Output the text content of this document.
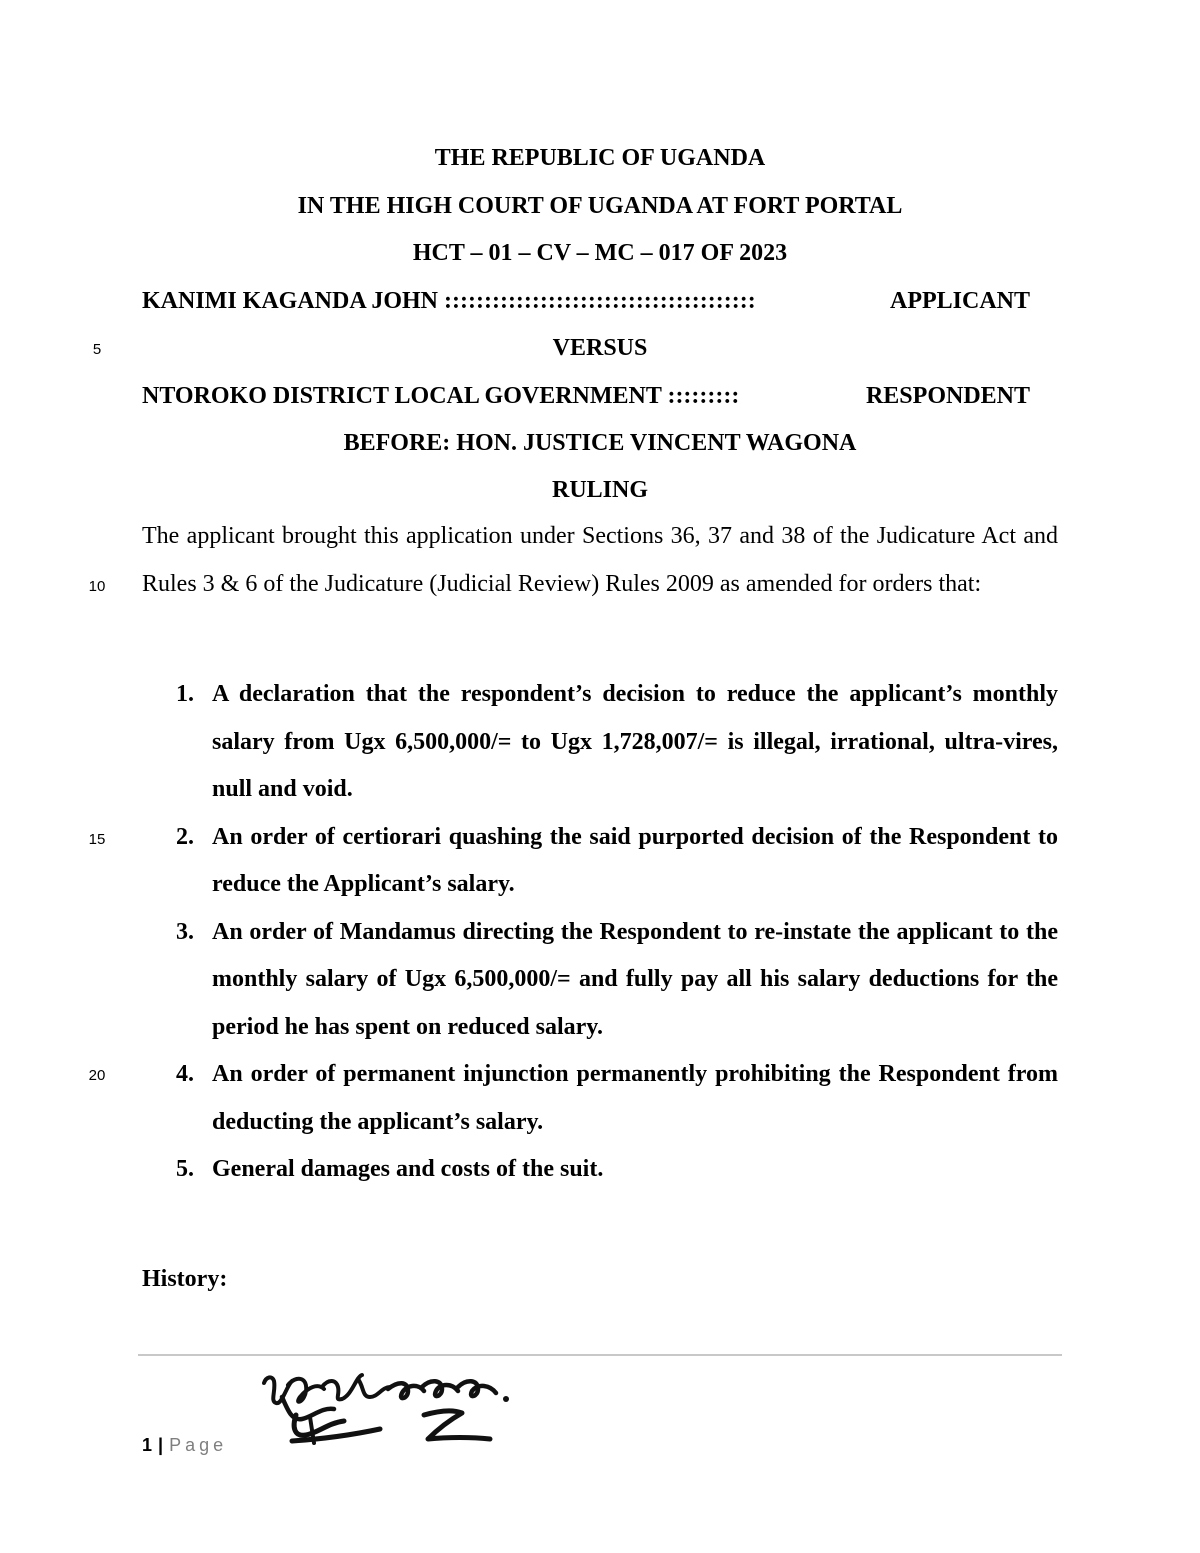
THE REPUBLIC OF UGANDA
IN THE HIGH COURT OF UGANDA AT FORT PORTAL
HCT – 01 – CV – MC – 017 OF 2023
KANIMI KAGANDA JOHN :::::::::::::::::::::::::::::::::::::::	APPLICANT
5	VERSUS
NTOROKO DISTRICT LOCAL GOVERNMENT :::::::::	RESPONDENT
BEFORE: HON. JUSTICE VINCENT WAGONA
RULING

The applicant brought this application under Sections 36, 37 and 38 of the Judicature Act and Rules 3 & 6 of the Judicature (Judicial Review) Rules 2009 as amended for orders that:

10
1. A declaration that the respondent’s decision to reduce the applicant’s monthly salary from Ugx 6,500,000/= to Ugx 1,728,007/= is illegal, irrational, ultra-vires, null and void.
2. An order of certiorari quashing the said purported decision of the Respondent to reduce the Applicant’s salary.
3. An order of Mandamus directing the Respondent to re-instate the applicant to the monthly salary of Ugx 6,500,000/= and fully pay all his salary deductions for the period he has spent on reduced salary.
4. An order of permanent injunction permanently prohibiting the Respondent from deducting the applicant’s salary.
5. General damages and costs of the suit.
15
20
History:
1 | Page
